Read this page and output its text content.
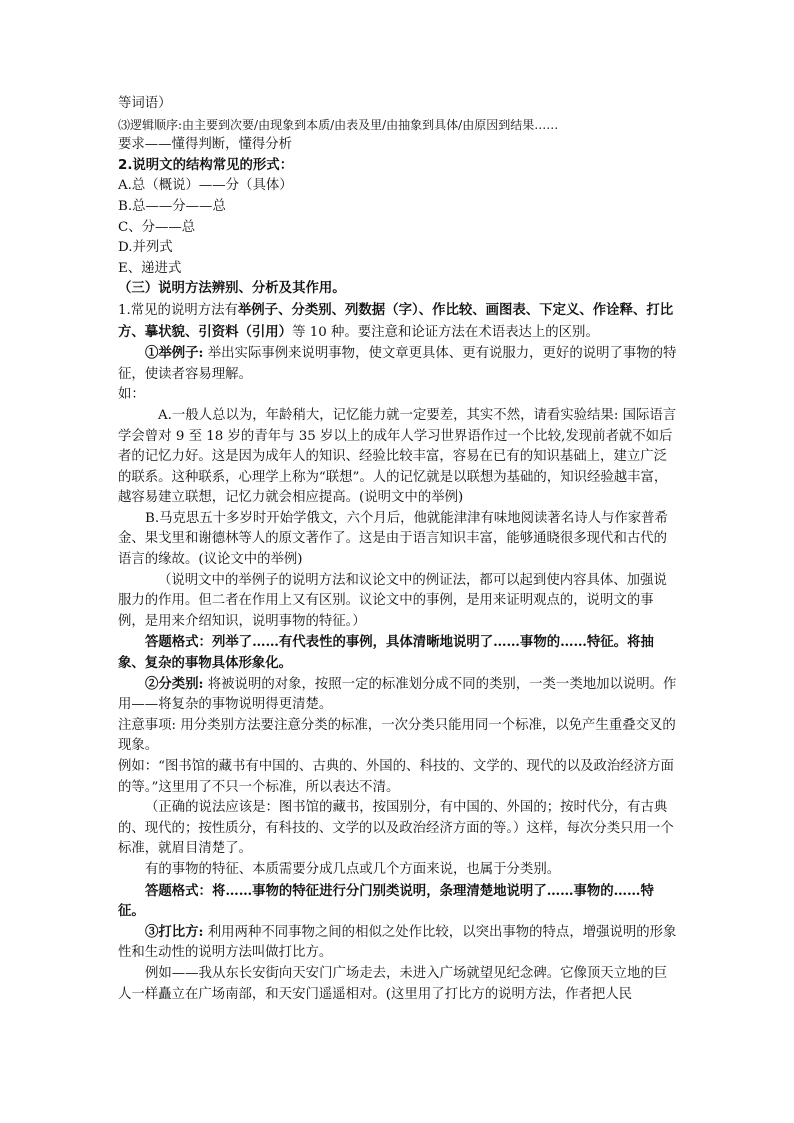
等词语）

⑶逻辑顺序:由主要到次要/由现象到本质/由表及里/由抽象到具体/由原因到结果……

要求——懂得判断，懂得分析

2.说明文的结构常见的形式：

A.总（概说）——分（具体）

B.总——分——总

C、分——总

D.并列式

E、递进式

（三）说明方法辨别、分析及其作用。

1.常见的说明方法有举例子、分类别、列数据（字）、作比较、画图表、下定义、作诠释、打比方、摹状貌、引资料（引用）等 10 种。要注意和论证方法在术语表达上的区别。

①举例子: 举出实际事例来说明事物，使文章更具体、更有说服力，更好的说明了事物的特征，使读者容易理解。

如：

A.一般人总以为，年龄稍大，记忆能力就一定要差，其实不然，请看实验结果: 国际语言学会曾对 9 至 18 岁的青年与 35 岁以上的成年人学习世界语作过一个比较,发现前者就不如后者的记忆力好。这是因为成年人的知识、经验比较丰富，容易在已有的知识基础上，建立广泛的联系。这种联系，心理学上称为“联想”。人的记忆就是以联想为基础的，知识经验越丰富，越容易建立联想，记忆力就会相应提高。(说明文中的举例)

B.马克思五十多岁时开始学俄文，六个月后，他就能津津有味地阅读著名诗人与作家普希金、果戈里和谢德林等人的原文著作了。这是由于语言知识丰富，能够通晓很多现代和古代的语言的缘故。(议论文中的举例)

（说明文中的举例子的说明方法和议论文中的例证法，都可以起到使内容具体、加强说服力的作用。但二者在作用上又有区别。议论文中的事例，是用来证明观点的，说明文的事例，是用来介绍知识，说明事物的特征。）

答题格式：列举了……有代表性的事例，具体清晰地说明了……事物的……特征。将抽象、复杂的事物具体形象化。

②分类别: 将被说明的对象，按照一定的标准划分成不同的类别，一类一类地加以说明。作用——将复杂的事物说明得更清楚。

注意事项: 用分类别方法要注意分类的标准，一次分类只能用同一个标准，以免产生重叠交叉的现象。

例如：“图书馆的藏书有中国的、古典的、外国的、科技的、文学的、现代的以及政治经济方面的等。”这里用了不只一个标准，所以表达不清。

（正确的说法应该是：图书馆的藏书，按国别分，有中国的、外国的；按时代分，有古典的、现代的；按性质分，有科技的、文学的以及政治经济方面的等。）这样，每次分类只用一个标准，就眉目清楚了。

有的事物的特征、本质需要分成几点或几个方面来说，也属于分类别。

答题格式：将……事物的特征进行分门别类说明，条理清楚地说明了……事物的……特征。

③打比方: 利用两种不同事物之间的相似之处作比较，以突出事物的特点，增强说明的形象性和生动性的说明方法叫做打比方。

例如——我从东长安街向天安门广场走去，未进入广场就望见纪念碑。它像顶天立地的巨人一样矗立在广场南部，和天安门遥遥相对。(这里用了打比方的说明方法，作者把人民
